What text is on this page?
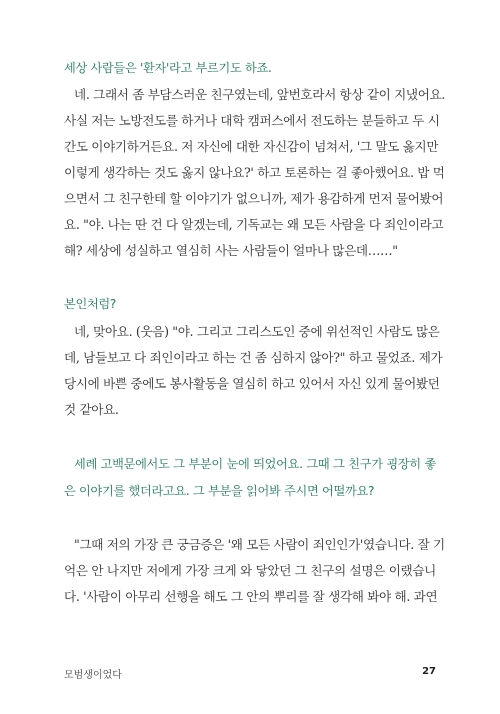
세상 사람들은 '환자'라고 부르기도 하죠.
네. 그래서 좀 부담스러운 친구였는데, 앞번호라서 항상 같이 지냈어요.
사실 저는 노방전도를 하거나 대학 캠퍼스에서 전도하는 분들하고 두 시
간도 이야기하거든요. 저 자신에 대한 자신감이 넘쳐서, '그 말도 옳지만
이렇게 생각하는 것도 옳지 않나요?' 하고 토론하는 걸 좋아했어요. 밥 먹
으면서 그 친구한테 할 이야기가 없으니까, 제가 용감하게 먼저 물어봤어
요. "야. 나는 딴 건 다 알겠는데, 기독교는 왜 모든 사람을 다 죄인이라고
해? 세상에 성실하고 열심히 사는 사람들이 얼마나 많은데……"
본인처럼?
네, 맞아요. (웃음) "야. 그리고 그리스도인 중에 위선적인 사람도 많은
데, 남들보고 다 죄인이라고 하는 건 좀 심하지 않아?" 하고 물었죠. 제가
당시에 바쁜 중에도 봉사활동을 열심히 하고 있어서 자신 있게 물어봤던
것 같아요.
세례 고백문에서도 그 부분이 눈에 띄었어요. 그때 그 친구가 굉장히 좋
은 이야기를 했더라고요. 그 부분을 읽어봐 주시면 어떨까요?
"그때 저의 가장 큰 궁금증은 '왜 모든 사람이 죄인인가'였습니다. 잘 기
억은 안 나지만 저에게 가장 크게 와 닿았던 그 친구의 설명은 이랬습니
다. '사람이 아무리 선행을 해도 그 안의 뿌리를 잘 생각해 봐야 해. 과연
모범생이었다	27
